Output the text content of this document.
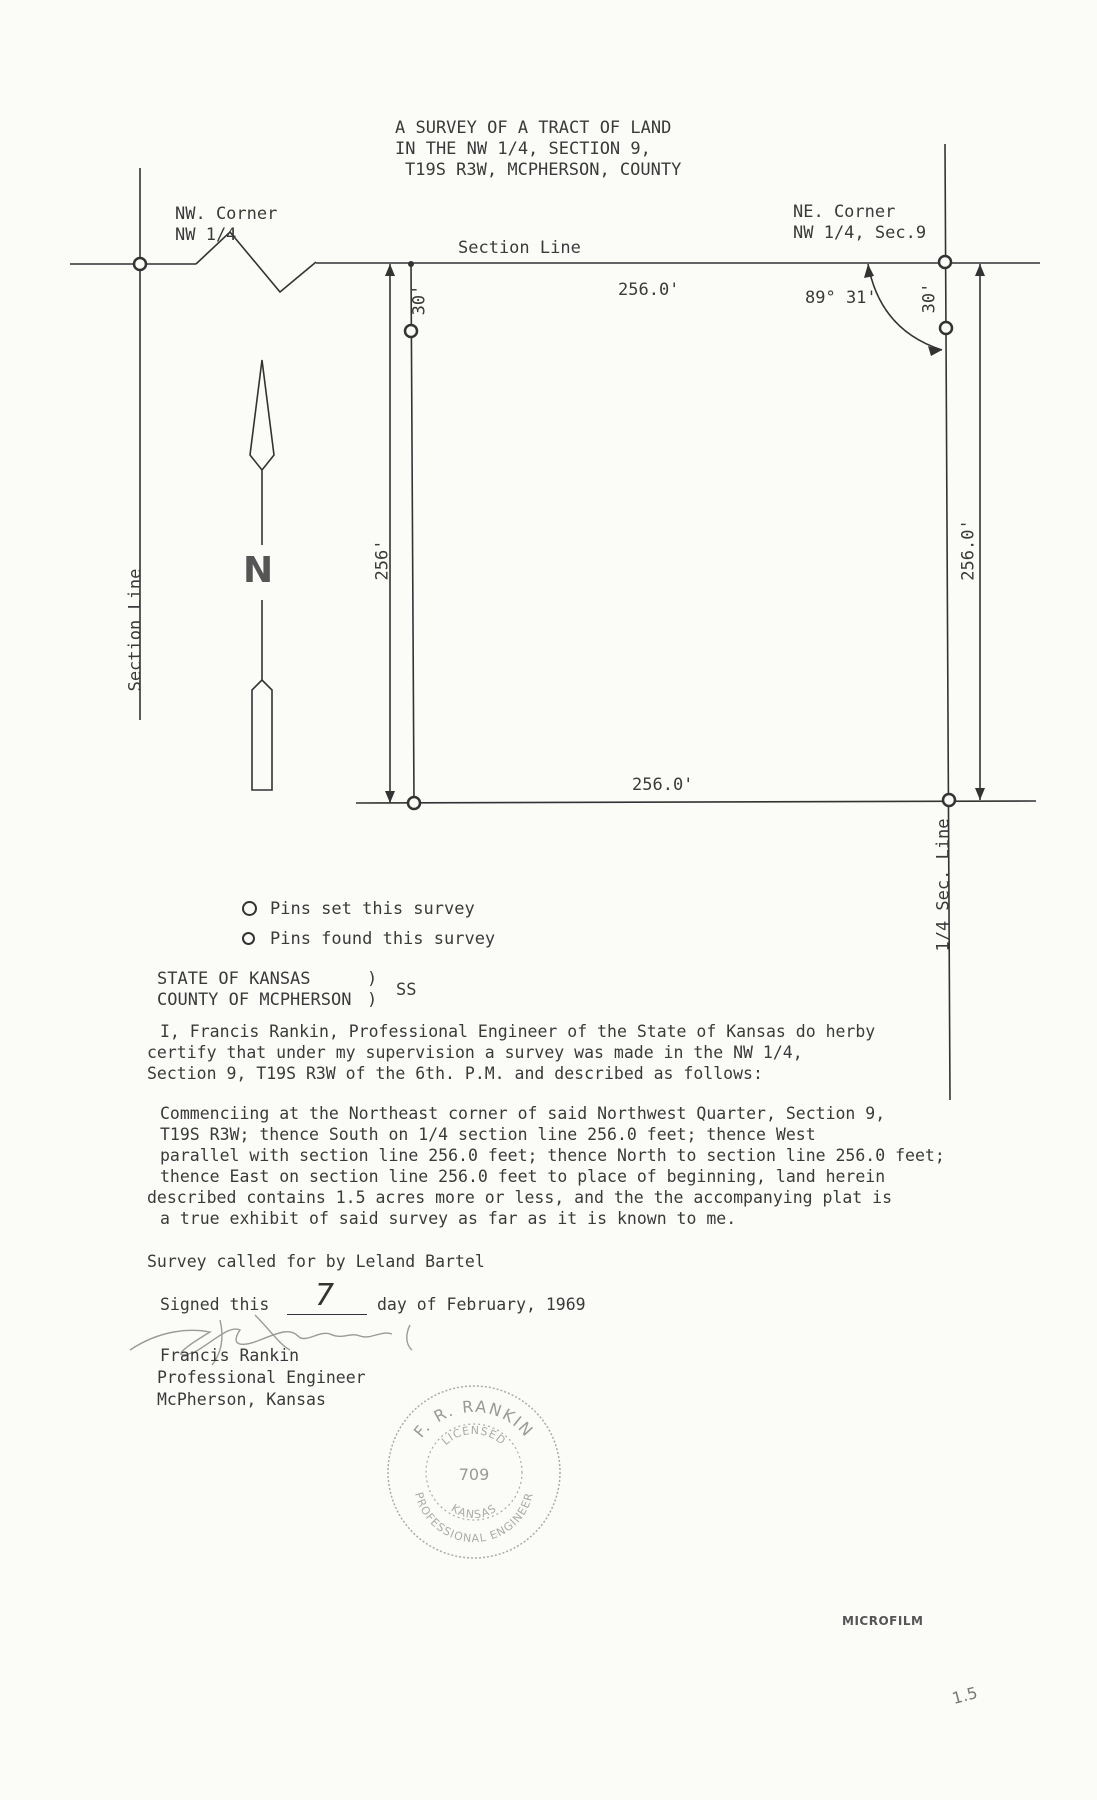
A SURVEY OF A TRACT OF LAND
IN THE NW 1/4, SECTION 9,
T19S R3W, MCPHERSON, COUNTY
NW. Corner
NW 1/4
NE. Corner
NW 1/4, Sec.9
Section Line
256.0'	89° 31'
256.0'
30'	30'
256'	256.0'
Section Line
1/4 Sec. Line
N
Pins set this survey
Pins found this survey
STATE OF KANSAS
COUNTY OF MCPHERSON
)
) SS
I, Francis Rankin, Professional Engineer of the State of Kansas do herby
certify that under my supervision a survey was made in the NW 1/4,
Section 9, T19S R3W of the 6th. P.M. and described as follows:
Commenciing at the Northeast corner of said Northwest Quarter, Section 9,
T19S R3W; thence South on 1/4 section line 256.0 feet; thence West
parallel with section line 256.0 feet; thence North to section line 256.0 feet;
thence East on section line 256.0 feet to place of beginning, land herein
described contains 1.5 acres more or less, and the the accompanying plat is
a true exhibit of said survey as far as it is known to me.
Survey called for by Leland Bartel
Signed this 7	day of February, 1969
Francis Rankin
Professional Engineer
McPherson, Kansas
F. R. RANKIN
PROFESSIONAL ENGINEER
LICENSED
KANSAS
709
MICROFILM
1.5
